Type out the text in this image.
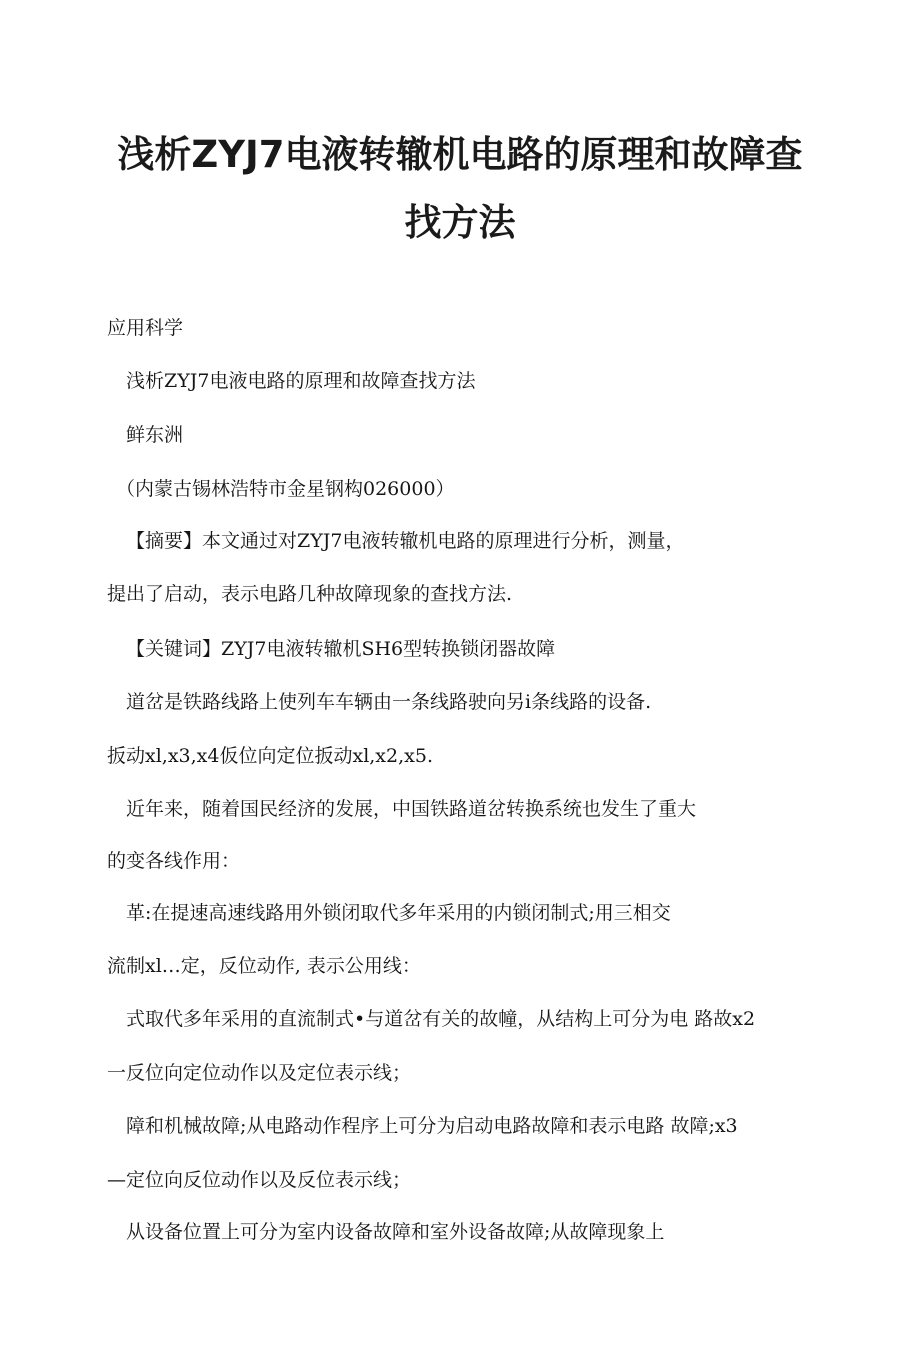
浅析ZYJ7电液转辙机电路的原理和故障查
找方法
应用科学
浅析ZYJ7电液电路的原理和故障查找方法
鲜东洲
（内蒙古锡林浩特市金星钢构026000）
【摘要】本文通过对ZYJ7电液转辙机电路的原理进行分析，测量，
提出了启动，表示电路几种故障现象的查找方法.
【关键词】ZYJ7电液转辙机SH6型转换锁闭器故障
道岔是铁路线路上使列车车辆由一条线路驶向另i条线路的设备.
扳动xl,x3,x4仮位向定位扳动xl,x2,x5.
近年来，随着国民经济的发展，中国铁路道岔转换系统也发生了重大
的变各线作用：
革:在提速高速线路用外锁闭取代多年采用的内锁闭制式;用三相交
流制xl…定，反位动作, 表示公用线：
式取代多年采用的直流制式•与道岔有关的故幢，从结构上可分为电 路故x2
一反位向定位动作以及定位表示线；
障和机械故障;从电路动作程序上可分为启动电路故障和表示电路 故障;x3
—定位向反位动作以及反位表示线；
从设备位置上可分为室内设备故障和室外设备故障;从故障现象上
